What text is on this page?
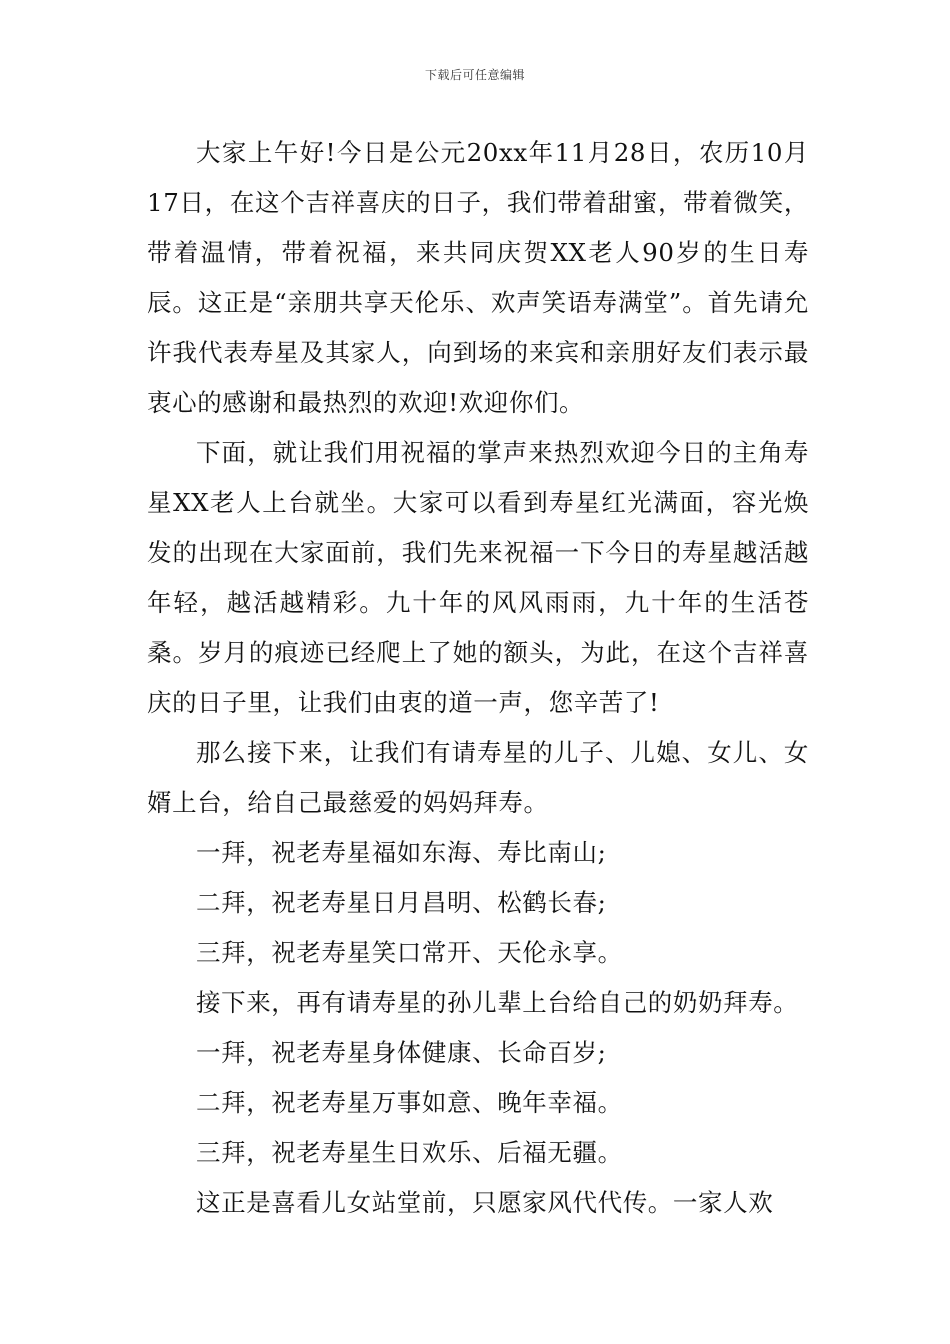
下载后可任意编辑

大家上午好!今日是公元20xx年11月28日，农历10月17日，在这个吉祥喜庆的日子，我们带着甜蜜，带着微笑，带着温情，带着祝福，来共同庆贺XX老人90岁的生日寿辰。这正是“亲朋共享天伦乐、欢声笑语寿满堂”。首先请允许我代表寿星及其家人，向到场的来宾和亲朋好友们表示最衷心的感谢和最热烈的欢迎!欢迎你们。

下面，就让我们用祝福的掌声来热烈欢迎今日的主角寿星XX老人上台就坐。大家可以看到寿星红光满面，容光焕发的出现在大家面前，我们先来祝福一下今日的寿星越活越年轻，越活越精彩。九十年的风风雨雨，九十年的生活苍桑。岁月的痕迹已经爬上了她的额头，为此，在这个吉祥喜庆的日子里，让我们由衷的道一声，您辛苦了!

那么接下来，让我们有请寿星的儿子、儿媳、女儿、女婿上台，给自己最慈爱的妈妈拜寿。

一拜，祝老寿星福如东海、寿比南山;

二拜，祝老寿星日月昌明、松鹤长春;

三拜，祝老寿星笑口常开、天伦永享。

接下来，再有请寿星的孙儿辈上台给自己的奶奶拜寿。

一拜，祝老寿星身体健康、长命百岁;

二拜，祝老寿星万事如意、晚年幸福。

三拜，祝老寿星生日欢乐、后福无疆。

这正是喜看儿女站堂前，只愿家风代代传。一家人欢
